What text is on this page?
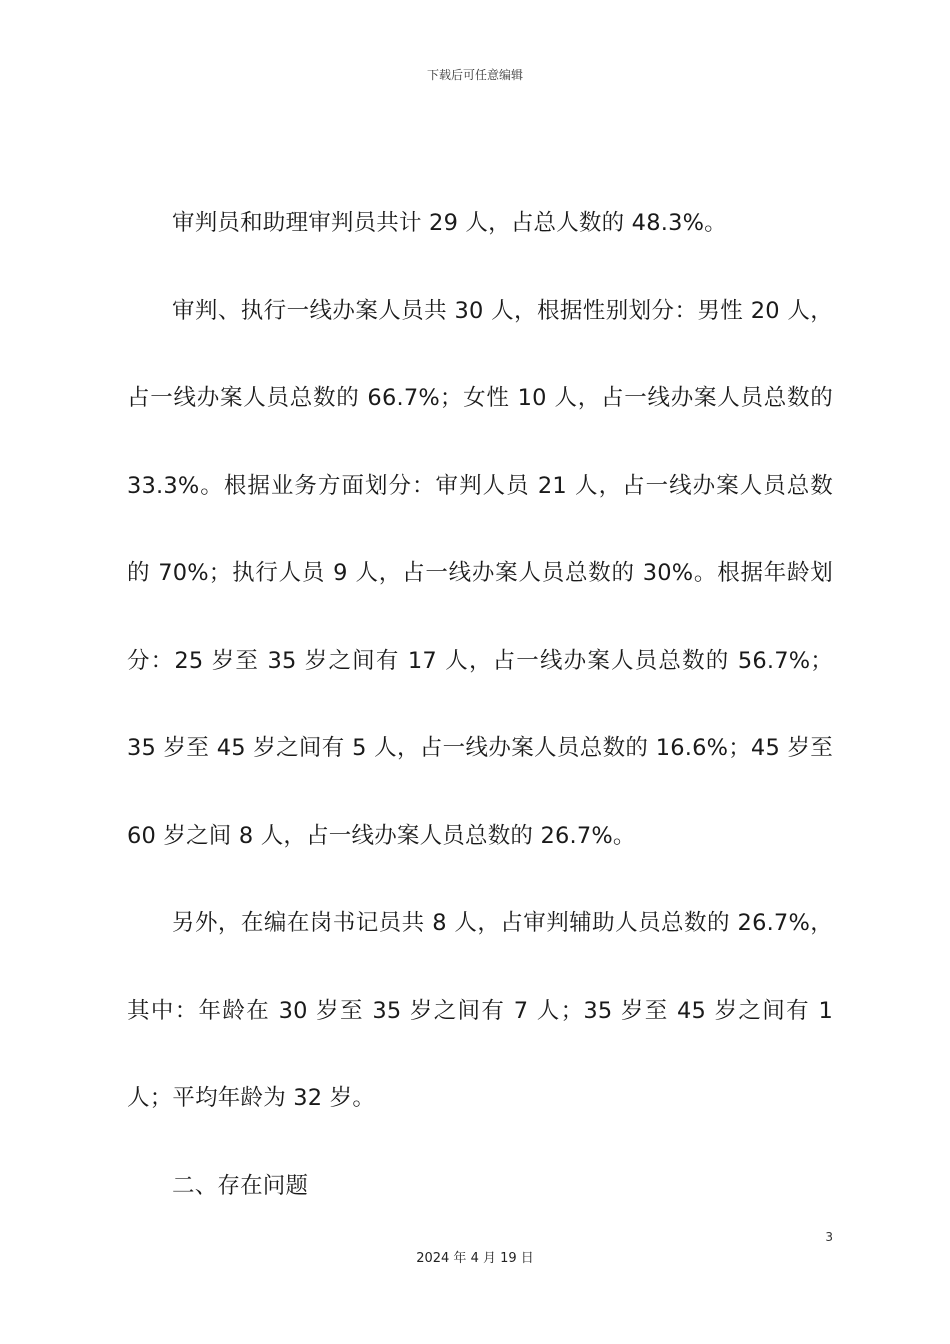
下载后可任意编辑

审判员和助理审判员共计 29 人，占总人数的 48.3%。

审判、执行一线办案人员共 30 人，根据性别划分：男性 20 人，占一线办案人员总数的 66.7%；女性 10 人，占一线办案人员总数的 33.3%。根据业务方面划分：审判人员 21 人，占一线办案人员总数的 70%；执行人员 9 人，占一线办案人员总数的 30%。根据年龄划分：25 岁至 35 岁之间有 17 人，占一线办案人员总数的 56.7%；35 岁至 45 岁之间有 5 人，占一线办案人员总数的 16.6%；45 岁至 60 岁之间 8 人，占一线办案人员总数的 26.7%。

另外，在编在岗书记员共 8 人，占审判辅助人员总数的 26.7%，其中：年龄在 30 岁至 35 岁之间有 7 人；35 岁至 45 岁之间有 1 人；平均年龄为 32 岁。

二、存在问题

3
2024 年 4 月 19 日
